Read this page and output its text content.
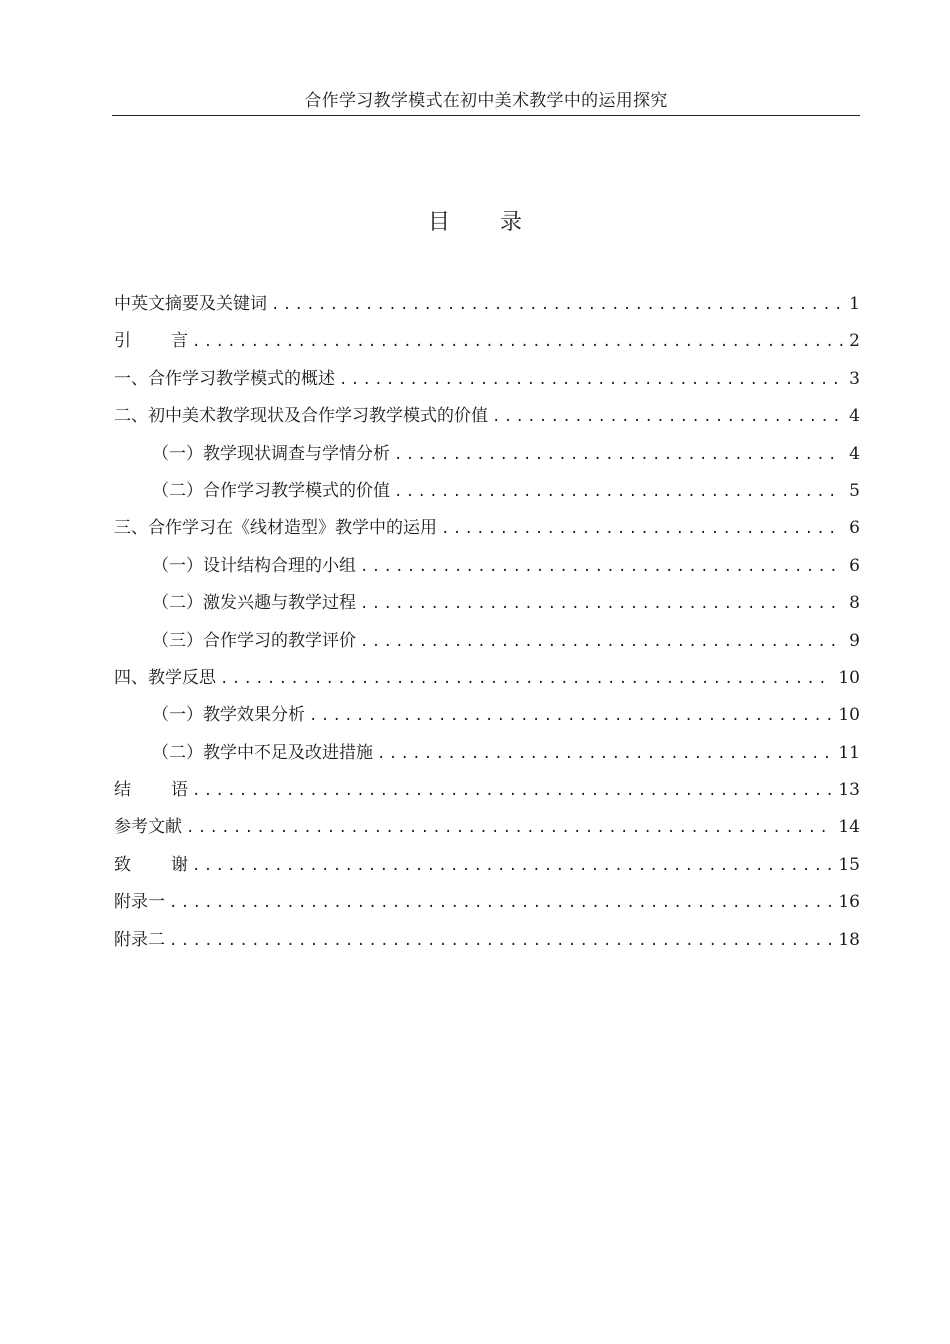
合作学习教学模式在初中美术教学中的运用探究
目 录
中英文摘要及关键词 .....	1
引 言 .....	2
一、合作学习教学模式的概述 .....	3
二、初中美术教学现状及合作学习教学模式的价值 .....	4
（一）教学现状调查与学情分析 .....	4
（二）合作学习教学模式的价值 .....	5
三、合作学习在《线材造型》教学中的运用 .....	6
（一）设计结构合理的小组 .....	6
（二）激发兴趣与教学过程 .....	8
（三）合作学习的教学评价 .....	9
四、教学反思 .....	10
（一）教学效果分析 .....	10
（二）教学中不足及改进措施 .....	11
结 语 .....	13
参考文献 .....	14
致 谢 .....	15
附录一 .....	16
附录二 .....	18
